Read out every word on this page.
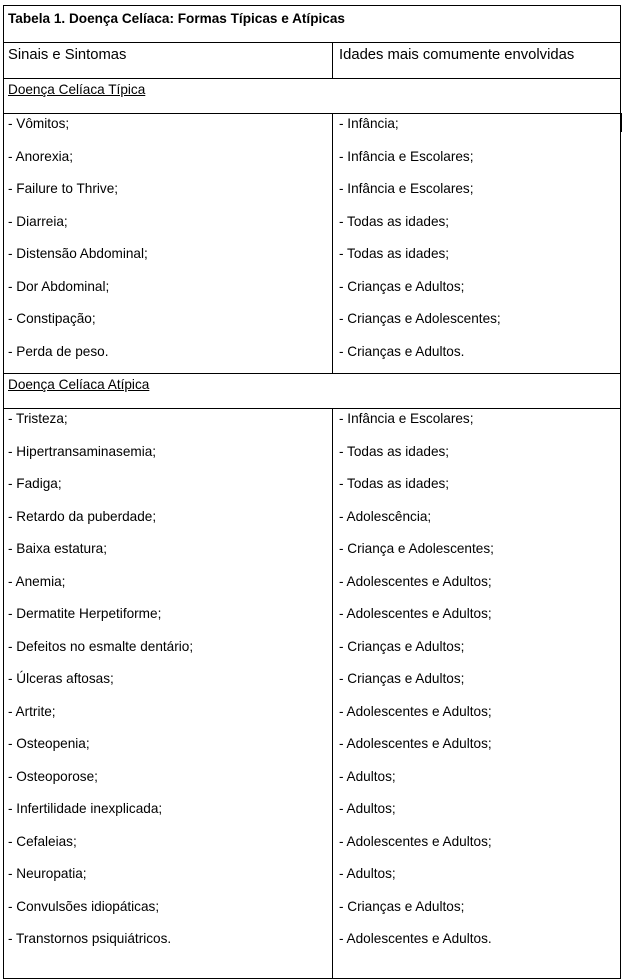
Tabela 1. Doença Celíaca: Formas Típicas e Atípicas
Sinais e Sintomas	Idades mais comumente envolvidas
Doença Celíaca Típica
- Vômitos;
- Anorexia;
- Failure to Thrive;
- Diarreia;
- Distensão Abdominal;
- Dor Abdominal;
- Constipação;
- Perda de peso.
- Infância;
- Infância e Escolares;
- Infância e Escolares;
- Todas as idades;
- Todas as idades;
- Crianças e Adultos;
- Crianças e Adolescentes;
- Crianças e Adultos.
Doença Celíaca Atípica
- Tristeza;
- Hipertransaminasemia;
- Fadiga;
- Retardo da puberdade;
- Baixa estatura;
- Anemia;
- Dermatite Herpetiforme;
- Defeitos no esmalte dentário;
- Úlceras aftosas;
- Artrite;
- Osteopenia;
- Osteoporose;
- Infertilidade inexplicada;
- Cefaleias;
- Neuropatia;
- Convulsões idiopáticas;
- Transtornos psiquiátricos.
- Infância e Escolares;
- Todas as idades;
- Todas as idades;
- Adolescência;
- Criança e Adolescentes;
- Adolescentes e Adultos;
- Adolescentes e Adultos;
- Crianças e Adultos;
- Crianças e Adultos;
- Adolescentes e Adultos;
- Adolescentes e Adultos;
- Adultos;
- Adultos;
- Adolescentes e Adultos;
- Adultos;
- Crianças e Adultos;
- Adolescentes e Adultos.
